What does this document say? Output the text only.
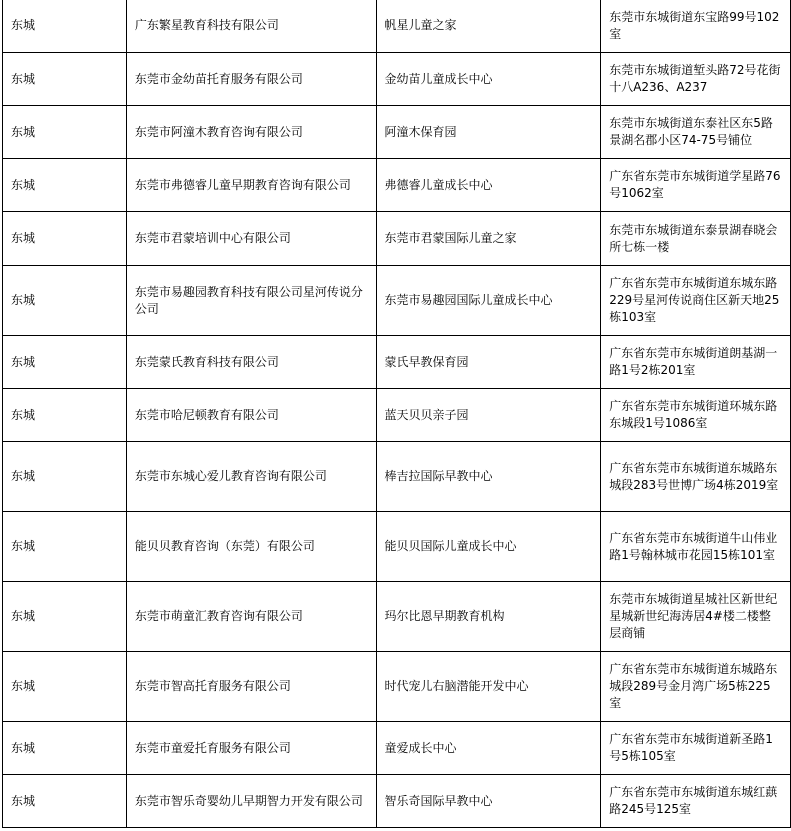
东城	广东繁星教育科技有限公司	帆星儿童之家	东莞市东城街道东宝路99号102室
东城	东莞市金幼苗托育服务有限公司	金幼苗儿童成长中心	东莞市东城街道堑头路72号花街十八A236、A237
东城	东莞市阿潼木教育咨询有限公司	阿潼木保育园	东莞市东城街道东泰社区东5路景湖名郡小区74-75号铺位
东城	东莞市弗德睿儿童早期教育咨询有限公司	弗德睿儿童成长中心	广东省东莞市东城街道学星路76号1062室
东城	东莞市君蒙培训中心有限公司	东莞市君蒙国际儿童之家	东莞市东城街道东泰景湖春晓会所七栋一楼
东城	东莞市易趣园教育科技有限公司星河传说分公司	东莞市易趣园国际儿童成长中心	广东省东莞市东城街道东城东路229号星河传说商住区新天地25栋103室
东城	东莞蒙氏教育科技有限公司	蒙氏早教保育园	广东省东莞市东城街道朗基湖一路1号2栋201室
东城	东莞市哈尼顿教育有限公司	蓝天贝贝亲子园	广东省东莞市东城街道环城东路东城段1号1086室
东城	东莞市东城心爱儿教育咨询有限公司	棒吉拉国际早教中心	广东省东莞市东城街道东城路东城段283号世博广场4栋2019室
东城	能贝贝教育咨询（东莞）有限公司	能贝贝国际儿童成长中心	广东省东莞市东城街道牛山伟业路1号翰林城市花园15栋101室
东城	东莞市萌童汇教育咨询有限公司	玛尔比恩早期教育机构	东莞市东城街道星城社区新世纪星城新世纪海涛居4#楼二楼整层商铺
东城	东莞市智高托育服务有限公司	时代宠儿右脑潜能开发中心	广东省东莞市东城街道东城路东城段289号金月湾广场5栋225室
东城	东莞市童爱托育服务有限公司	童爱成长中心	广东省东莞市东城街道新圣路1号5栋105室
东城	东莞市智乐奇婴幼儿早期智力开发有限公司	智乐奇国际早教中心	广东省东莞市东城街道东城红蕻路245号125室
